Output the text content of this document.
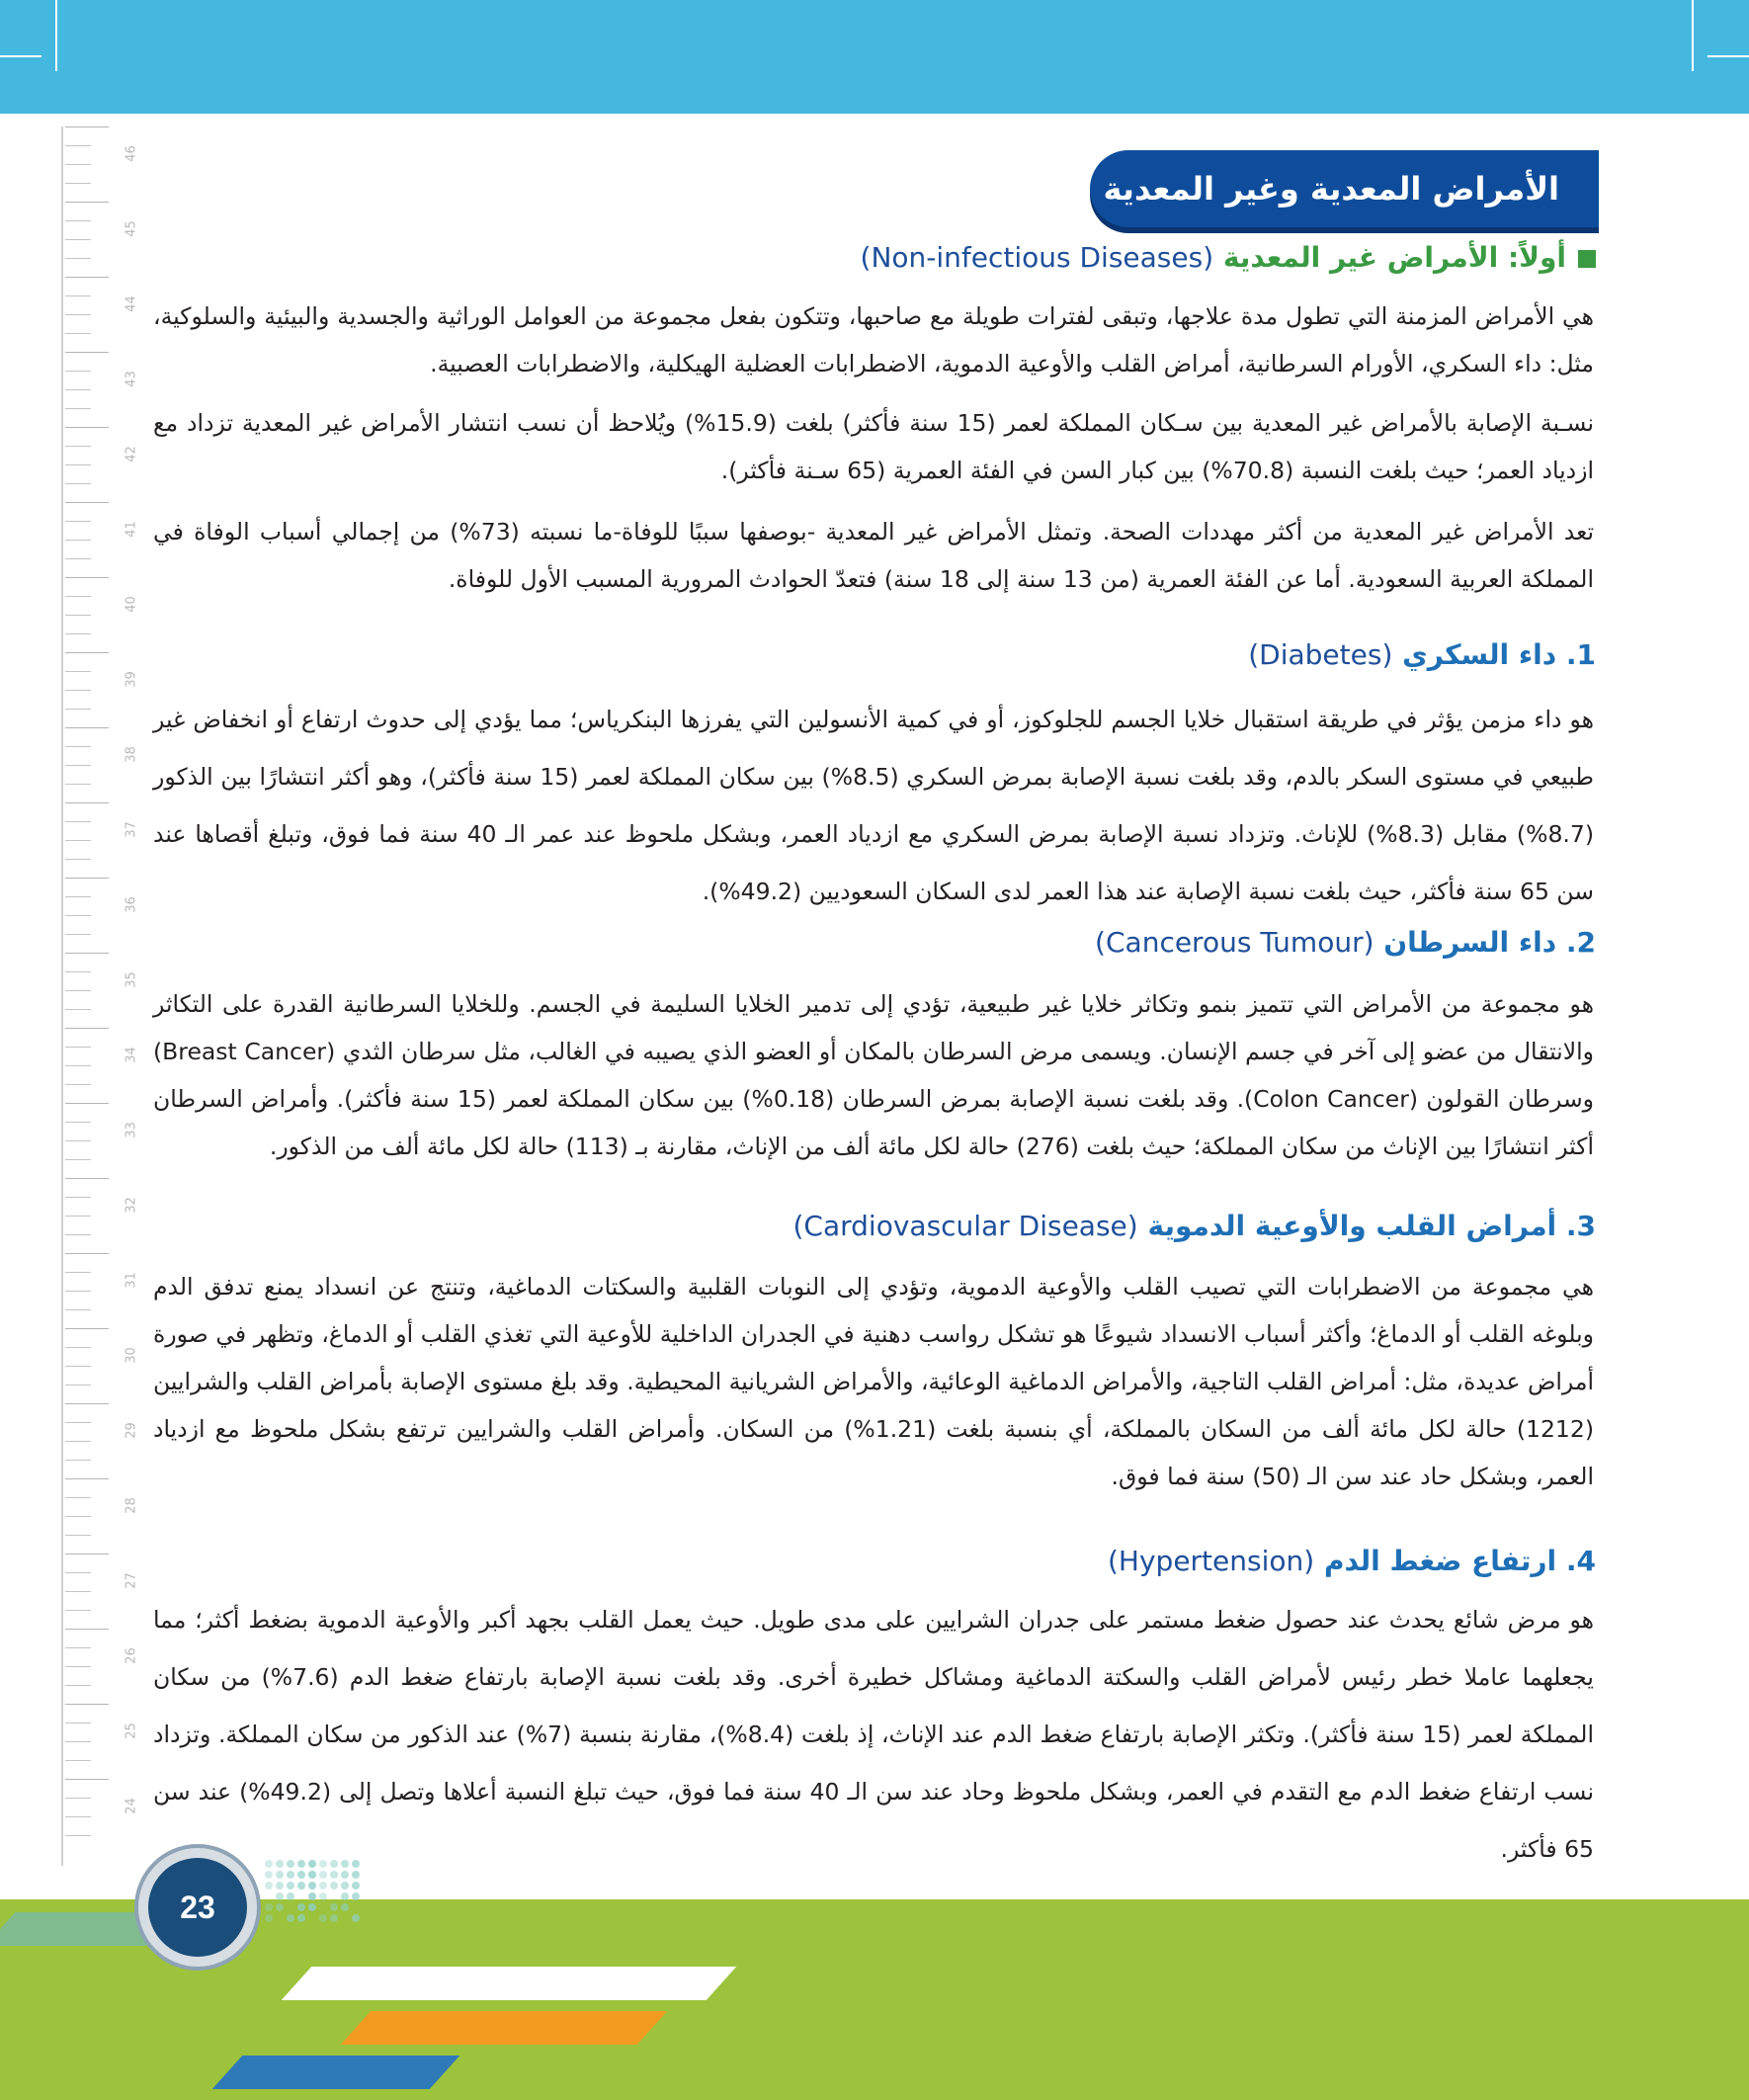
46
45
44
43
42
41
40
39
38
37
36
35
34
33
32
31
30
29
28
27
26
25
24
الأمراض المعدية وغير المعدية
أولاً: الأمراض غير المعدية (Non-infectious Diseases)
هي الأمراض المزمنة التي تطول مدة علاجها، وتبقى لفترات طويلة مع صاحبها، وتتكون بفعل مجموعة من العوامل الوراثية والجسدية والبيئية والسلوكية، مثل: داء السكري، الأورام السرطانية، أمراض القلب والأوعية الدموية، الاضطرابات العضلية الهيكلية، والاضطرابات العصبية.
نسـبة الإصابة بالأمراض غير المعدية بين سـكان المملكة لعمر (15 سنة فأكثر) بلغت (15.9%) ويُلاحظ أن نسب انتشار الأمراض غير المعدية تزداد مع ازدياد العمر؛ حيث بلغت النسبة (70.8%) بين كبار السن في الفئة العمرية (65 سـنة فأكثر).
تعد الأمراض غير المعدية من أكثر مهددات الصحة. وتمثل الأمراض غير المعدية -بوصفها سببًا للوفاة-ما نسبته (73%) من إجمالي أسباب الوفاة في المملكة العربية السعودية. أما عن الفئة العمرية (من 13 سنة إلى 18 سنة) فتعدّ الحوادث المرورية المسبب الأول للوفاة.
1. داء السكري (Diabetes)
هو داء مزمن يؤثر في طريقة استقبال خلايا الجسم للجلوكوز، أو في كمية الأنسولين التي يفرزها البنكرياس؛ مما يؤدي إلى حدوث ارتفاع أو انخفاض غير طبيعي في مستوى السكر بالدم، وقد بلغت نسبة الإصابة بمرض السكري (8.5%) بين سكان المملكة لعمر (15 سنة فأكثر)، وهو أكثر انتشارًا بين الذكور (8.7%) مقابل (8.3%) للإناث. وتزداد نسبة الإصابة بمرض السكري مع ازدياد العمر، وبشكل ملحوظ عند عمر الـ 40 سنة فما فوق، وتبلغ أقصاها عند سن 65 سنة فأكثر، حيث بلغت نسبة الإصابة عند هذا العمر لدى السكان السعوديين (49.2%).
2. داء السرطان (Cancerous Tumour)
هو مجموعة من الأمراض التي تتميز بنمو وتكاثر خلايا غير طبيعية، تؤدي إلى تدمير الخلايا السليمة في الجسم. وللخلايا السرطانية القدرة على التكاثر والانتقال من عضو إلى آخر في جسم الإنسان. ويسمى مرض السرطان بالمكان أو العضو الذي يصيبه في الغالب، مثل سرطان الثدي (Breast Cancer) وسرطان القولون (Colon Cancer). وقد بلغت نسبة الإصابة بمرض السرطان (0.18%) بين سكان المملكة لعمر (15 سنة فأكثر). وأمراض السرطان أكثر انتشارًا بين الإناث من سكان المملكة؛ حيث بلغت (276) حالة لكل مائة ألف من الإناث، مقارنة بـ (113) حالة لكل مائة ألف من الذكور.
3. أمراض القلب والأوعية الدموية (Cardiovascular Disease)
هي مجموعة من الاضطرابات التي تصيب القلب والأوعية الدموية، وتؤدي إلى النوبات القلبية والسكتات الدماغية، وتنتج عن انسداد يمنع تدفق الدم وبلوغه القلب أو الدماغ؛ وأكثر أسباب الانسداد شيوعًا هو تشكل رواسب دهنية في الجدران الداخلية للأوعية التي تغذي القلب أو الدماغ، وتظهر في صورة أمراض عديدة، مثل: أمراض القلب التاجية، والأمراض الدماغية الوعائية، والأمراض الشريانية المحيطية. وقد بلغ مستوى الإصابة بأمراض القلب والشرايين (1212) حالة لكل مائة ألف من السكان بالمملكة، أي بنسبة بلغت (1.21%) من السكان. وأمراض القلب والشرايين ترتفع بشكل ملحوظ مع ازدياد العمر، وبشكل حاد عند سن الـ (50) سنة فما فوق.
4. ارتفاع ضغط الدم (Hypertension)
هو مرض شائع يحدث عند حصول ضغط مستمر على جدران الشرايين على مدى طويل. حيث يعمل القلب بجهد أكبر والأوعية الدموية بضغط أكثر؛ مما يجعلهما عاملا خطر رئيس لأمراض القلب والسكتة الدماغية ومشاكل خطيرة أخرى. وقد بلغت نسبة الإصابة بارتفاع ضغط الدم (7.6%) من سكان المملكة لعمر (15 سنة فأكثر). وتكثر الإصابة بارتفاع ضغط الدم عند الإناث، إذ بلغت (8.4%)، مقارنة بنسبة (7%) عند الذكور من سكان المملكة. وتزداد نسب ارتفاع ضغط الدم مع التقدم في العمر، وبشكل ملحوظ وحاد عند سن الـ 40 سنة فما فوق، حيث تبلغ النسبة أعلاها وتصل إلى (49.2%) عند سن 65 فأكثر.
23
